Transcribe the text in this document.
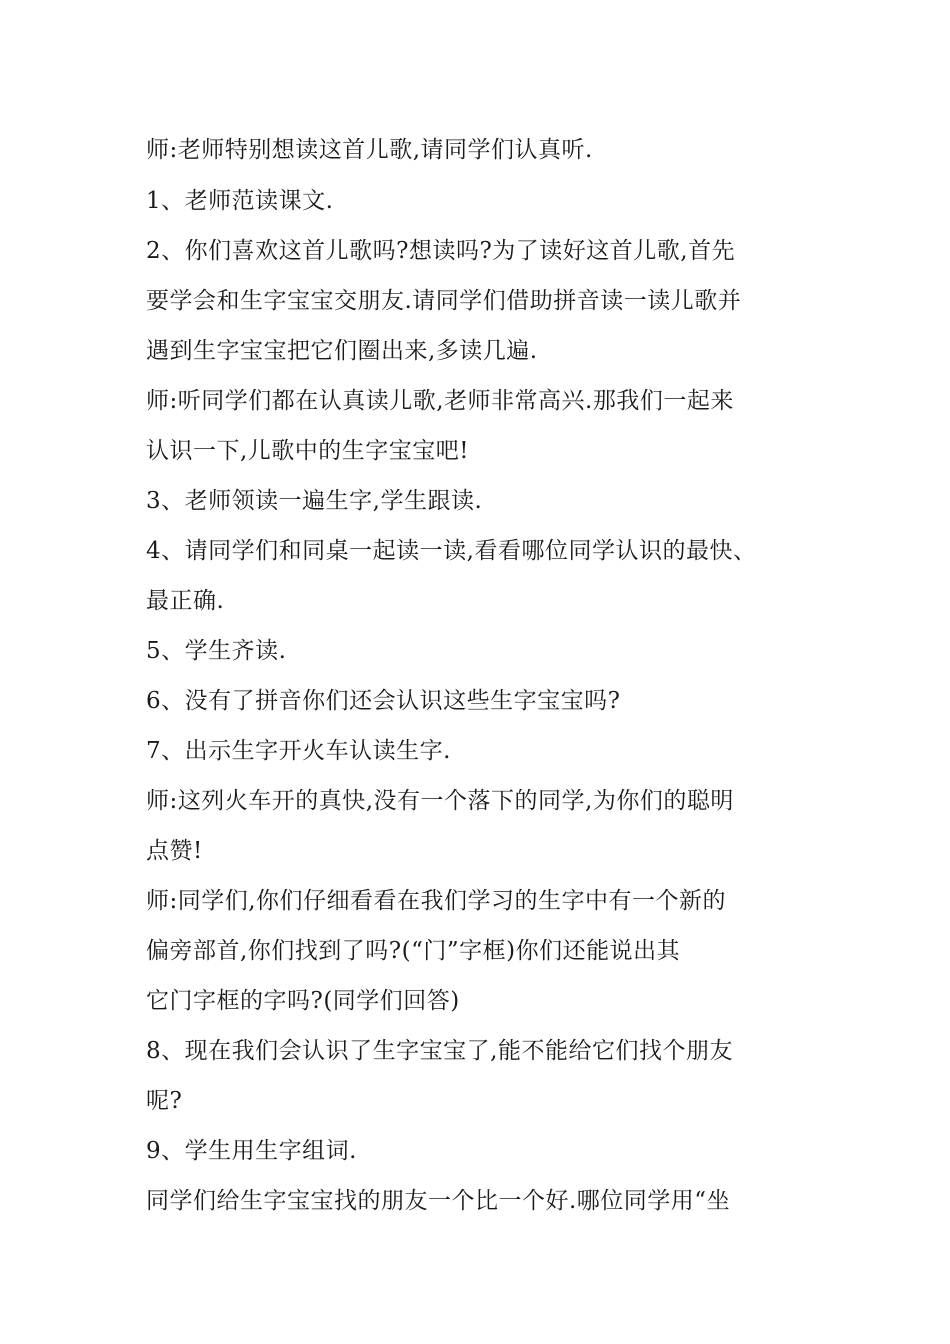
师:老师特别想读这首儿歌,请同学们认真听.
1、老师范读课文.
2、你们喜欢这首儿歌吗?想读吗?为了读好这首儿歌,首先
要学会和生字宝宝交朋友.请同学们借助拼音读一读儿歌并
遇到生字宝宝把它们圈出来,多读几遍.
师:听同学们都在认真读儿歌,老师非常高兴.那我们一起来
认识一下,儿歌中的生字宝宝吧!
3、老师领读一遍生字,学生跟读.
4、请同学们和同桌一起读一读,看看哪位同学认识的最快、
最正确.
5、学生齐读.
6、没有了拼音你们还会认识这些生字宝宝吗?
7、出示生字开火车认读生字.
师:这列火车开的真快,没有一个落下的同学,为你们的聪明
点赞!
师:同学们,你们仔细看看在我们学习的生字中有一个新的
偏旁部首,你们找到了吗?(“门”字框)你们还能说出其
它门字框的字吗?(同学们回答)
8、现在我们会认识了生字宝宝了,能不能给它们找个朋友
呢?
9、学生用生字组词.
同学们给生字宝宝找的朋友一个比一个好.哪位同学用“坐
